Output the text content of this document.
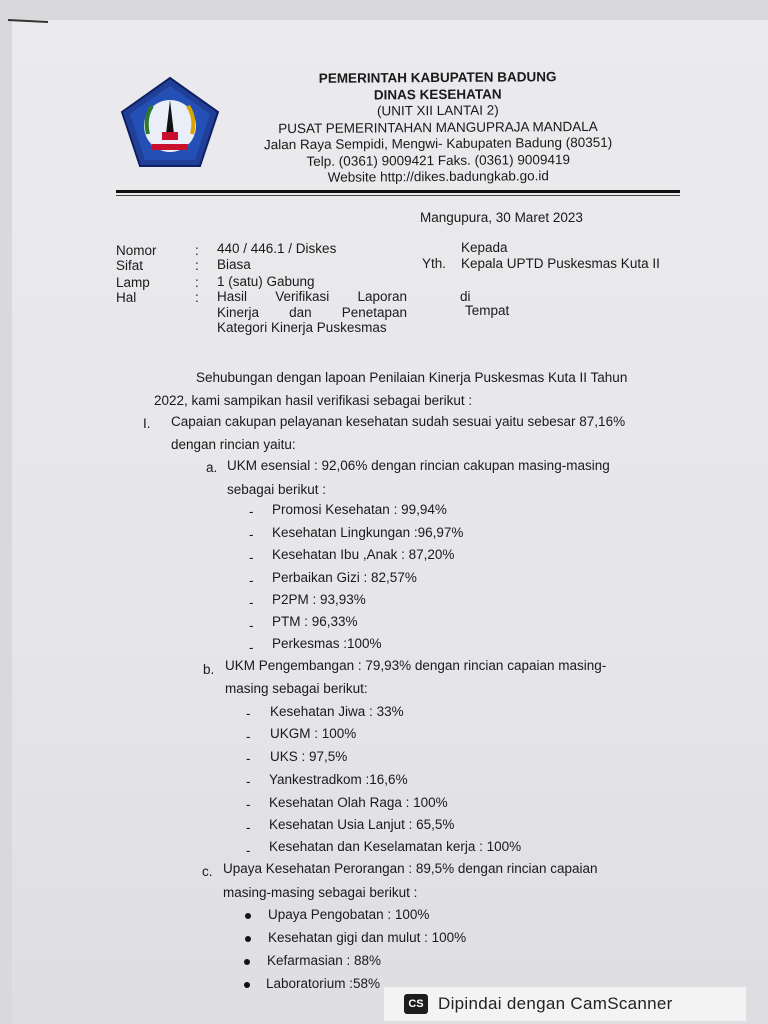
PEMERINTAH KABUPATEN BADUNG
DINAS KESEHATAN
(UNIT XII LANTAI 2)
PUSAT PEMERINTAHAN MANGUPRAJA MANDALA
Jalan Raya Sempidi, Mengwi- Kabupaten Badung (80351)
Telp. (0361) 9009421 Faks. (0361) 9009419
Website http://dikes.badungkab.go.id
Mangupura, 30 Maret 2023
Nomor	: 440 / 446.1 / Diskes
Sifat	: Biasa
Lamp	: 1 (satu) Gabung
Hal	: Hasil Verifikasi Laporan
Kinerja dan Penetapan
Kategori Kinerja Puskesmas
Kepada
Yth. Kepala UPTD Puskesmas Kuta II
di
Tempat
Sehubungan dengan lapoan Penilaian Kinerja Puskesmas Kuta II Tahun
2022, kami sampikan hasil verifikasi sebagai berikut :
I. Capaian cakupan pelayanan kesehatan sudah sesuai yaitu sebesar 87,16%
dengan rincian yaitu:
a. UKM esensial : 92,06% dengan rincian cakupan masing-masing
sebagai berikut :
- Promosi Kesehatan : 99,94%
- Kesehatan Lingkungan :96,97%
- Kesehatan Ibu ,Anak : 87,20%
- Perbaikan Gizi : 82,57%
- P2PM : 93,93%
- PTM : 96,33%
- Perkesmas :100%
b. UKM Pengembangan : 79,93% dengan rincian capaian masing-
masing sebagai berikut:
- Kesehatan Jiwa : 33%
- UKGM : 100%
- UKS : 97,5%
- Yankestradkom :16,6%
- Kesehatan Olah Raga : 100%
- Kesehatan Usia Lanjut : 65,5%
- Kesehatan dan Keselamatan kerja : 100%
c. Upaya Kesehatan Perorangan : 89,5% dengan rincian capaian
masing-masing sebagai berikut :
Upaya Pengobatan : 100%
Kesehatan gigi dan mulut : 100%
Kefarmasian : 88%
Laboratorium :58%
CS Dipindai dengan CamScanner
